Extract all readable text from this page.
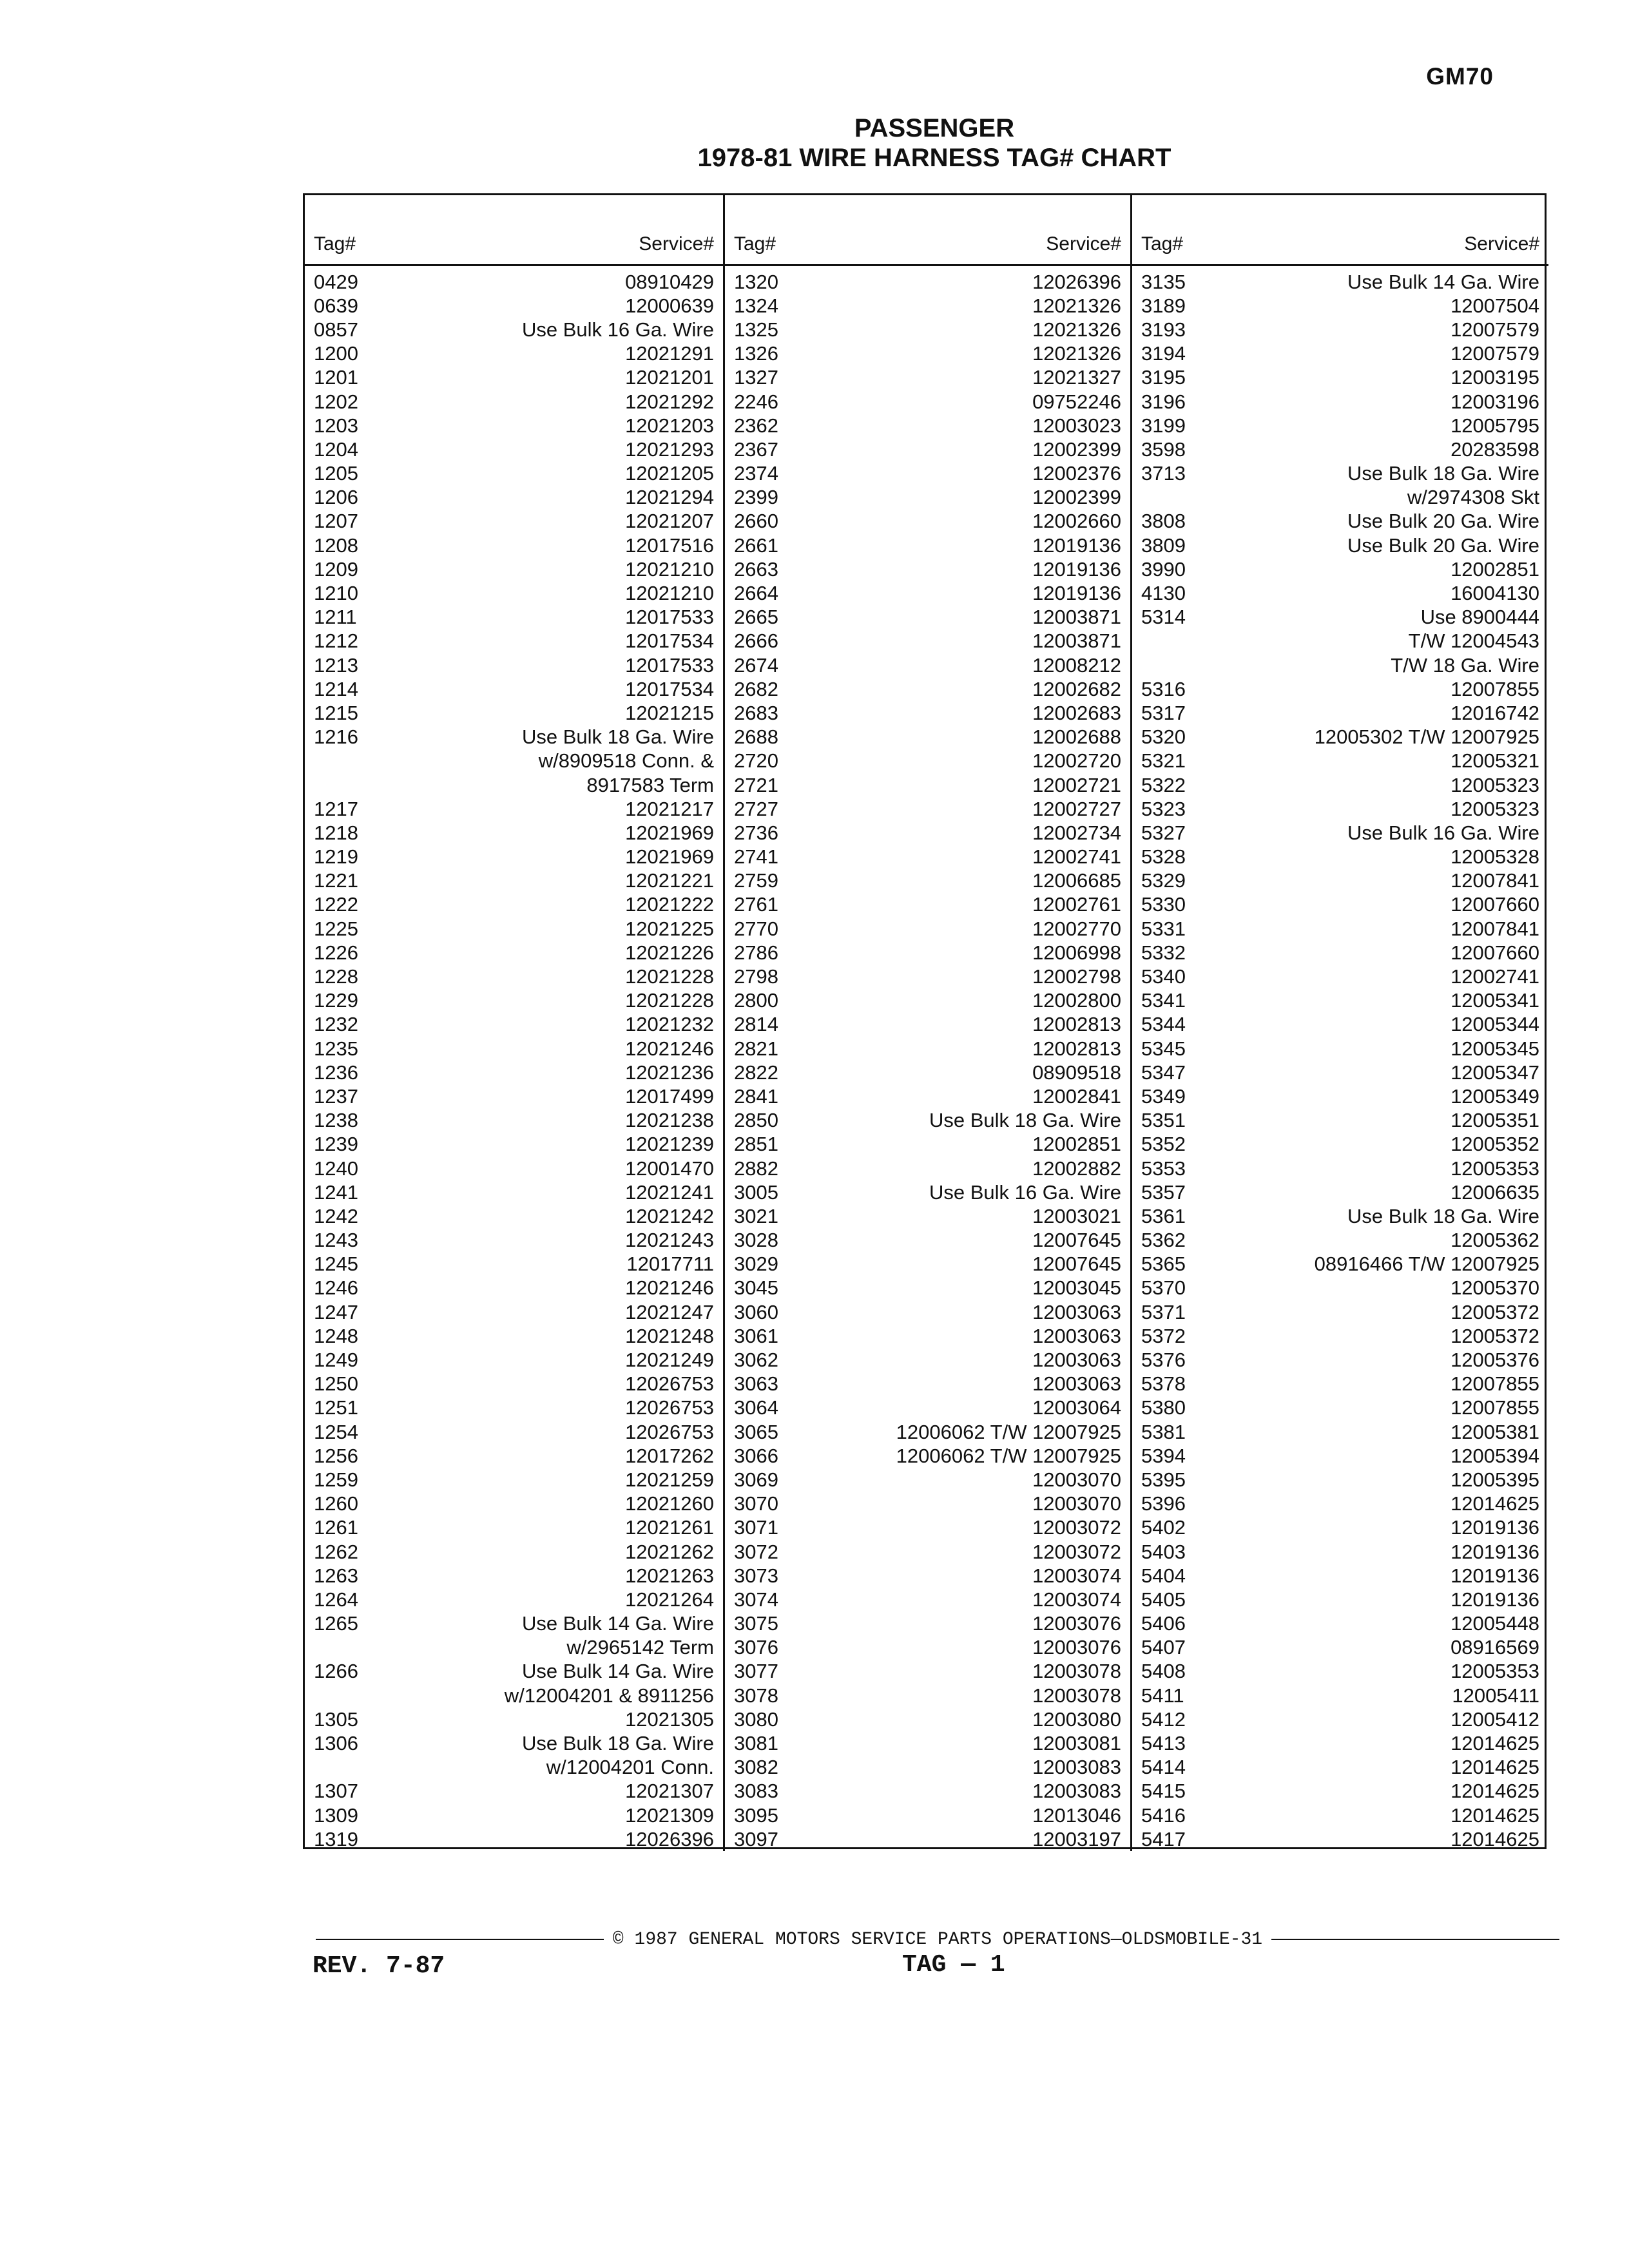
GM70
PASSENGER
1978-81 WIRE HARNESS TAG# CHART
Tag#	Service#
0429	08910429
0639	12000639
0857	Use Bulk 16 Ga. Wire
1200	12021291
1201	12021201
1202	12021292
1203	12021203
1204	12021293
1205	12021205
1206	12021294
1207	12021207
1208	12017516
1209	12021210
1210	12021210
1211	12017533
1212	12017534
1213	12017533
1214	12017534
1215	12021215
1216	Use Bulk 18 Ga. Wire
w/8909518 Conn. &
8917583 Term
1217	12021217
1218	12021969
1219	12021969
1221	12021221
1222	12021222
1225	12021225
1226	12021226
1228	12021228
1229	12021228
1232	12021232
1235	12021246
1236	12021236
1237	12017499
1238	12021238
1239	12021239
1240	12001470
1241	12021241
1242	12021242
1243	12021243
1245	12017711
1246	12021246
1247	12021247
1248	12021248
1249	12021249
1250	12026753
1251	12026753
1254	12026753
1256	12017262
1259	12021259
1260	12021260
1261	12021261
1262	12021262
1263	12021263
1264	12021264
1265	Use Bulk 14 Ga. Wire
w/2965142 Term
1266	Use Bulk 14 Ga. Wire
w/12004201 & 8911256
1305	12021305
1306	Use Bulk 18 Ga. Wire
w/12004201 Conn.
1307	12021307
1309	12021309
1319	12026396
Tag#	Service#
1320	12026396
1324	12021326
1325	12021326
1326	12021326
1327	12021327
2246	09752246
2362	12003023
2367	12002399
2374	12002376
2399	12002399
2660	12002660
2661	12019136
2663	12019136
2664	12019136
2665	12003871
2666	12003871
2674	12008212
2682	12002682
2683	12002683
2688	12002688
2720	12002720
2721	12002721
2727	12002727
2736	12002734
2741	12002741
2759	12006685
2761	12002761
2770	12002770
2786	12006998
2798	12002798
2800	12002800
2814	12002813
2821	12002813
2822	08909518
2841	12002841
2850	Use Bulk 18 Ga. Wire
2851	12002851
2882	12002882
3005	Use Bulk 16 Ga. Wire
3021	12003021
3028	12007645
3029	12007645
3045	12003045
3060	12003063
3061	12003063
3062	12003063
3063	12003063
3064	12003064
3065	12006062 T/W 12007925
3066	12006062 T/W 12007925
3069	12003070
3070	12003070
3071	12003072
3072	12003072
3073	12003074
3074	12003074
3075	12003076
3076	12003076
3077	12003078
3078	12003078
3080	12003080
3081	12003081
3082	12003083
3083	12003083
3095	12013046
3097	12003197
Tag#	Service#
3135	Use Bulk 14 Ga. Wire
3189	12007504
3193	12007579
3194	12007579
3195	12003195
3196	12003196
3199	12005795
3598	20283598
3713	Use Bulk 18 Ga. Wire
w/2974308 Skt
3808	Use Bulk 20 Ga. Wire
3809	Use Bulk 20 Ga. Wire
3990	12002851
4130	16004130
5314	Use 8900444
T/W 12004543
T/W 18 Ga. Wire
5316	12007855
5317	12016742
5320	12005302 T/W 12007925
5321	12005321
5322	12005323
5323	12005323
5327	Use Bulk 16 Ga. Wire
5328	12005328
5329	12007841
5330	12007660
5331	12007841
5332	12007660
5340	12002741
5341	12005341
5344	12005344
5345	12005345
5347	12005347
5349	12005349
5351	12005351
5352	12005352
5353	12005353
5357	12006635
5361	Use Bulk 18 Ga. Wire
5362	12005362
5365	08916466 T/W 12007925
5370	12005370
5371	12005372
5372	12005372
5376	12005376
5378	12007855
5380	12007855
5381	12005381
5394	12005394
5395	12005395
5396	12014625
5402	12019136
5403	12019136
5404	12019136
5405	12019136
5406	12005448
5407	08916569
5408	12005353
5411	12005411
5412	12005412
5413	12014625
5414	12014625
5415	12014625
5416	12014625
5417	12014625
© 1987 GENERAL MOTORS SERVICE PARTS OPERATIONS—OLDSMOBILE-31
REV. 7-87	TAG — 1
